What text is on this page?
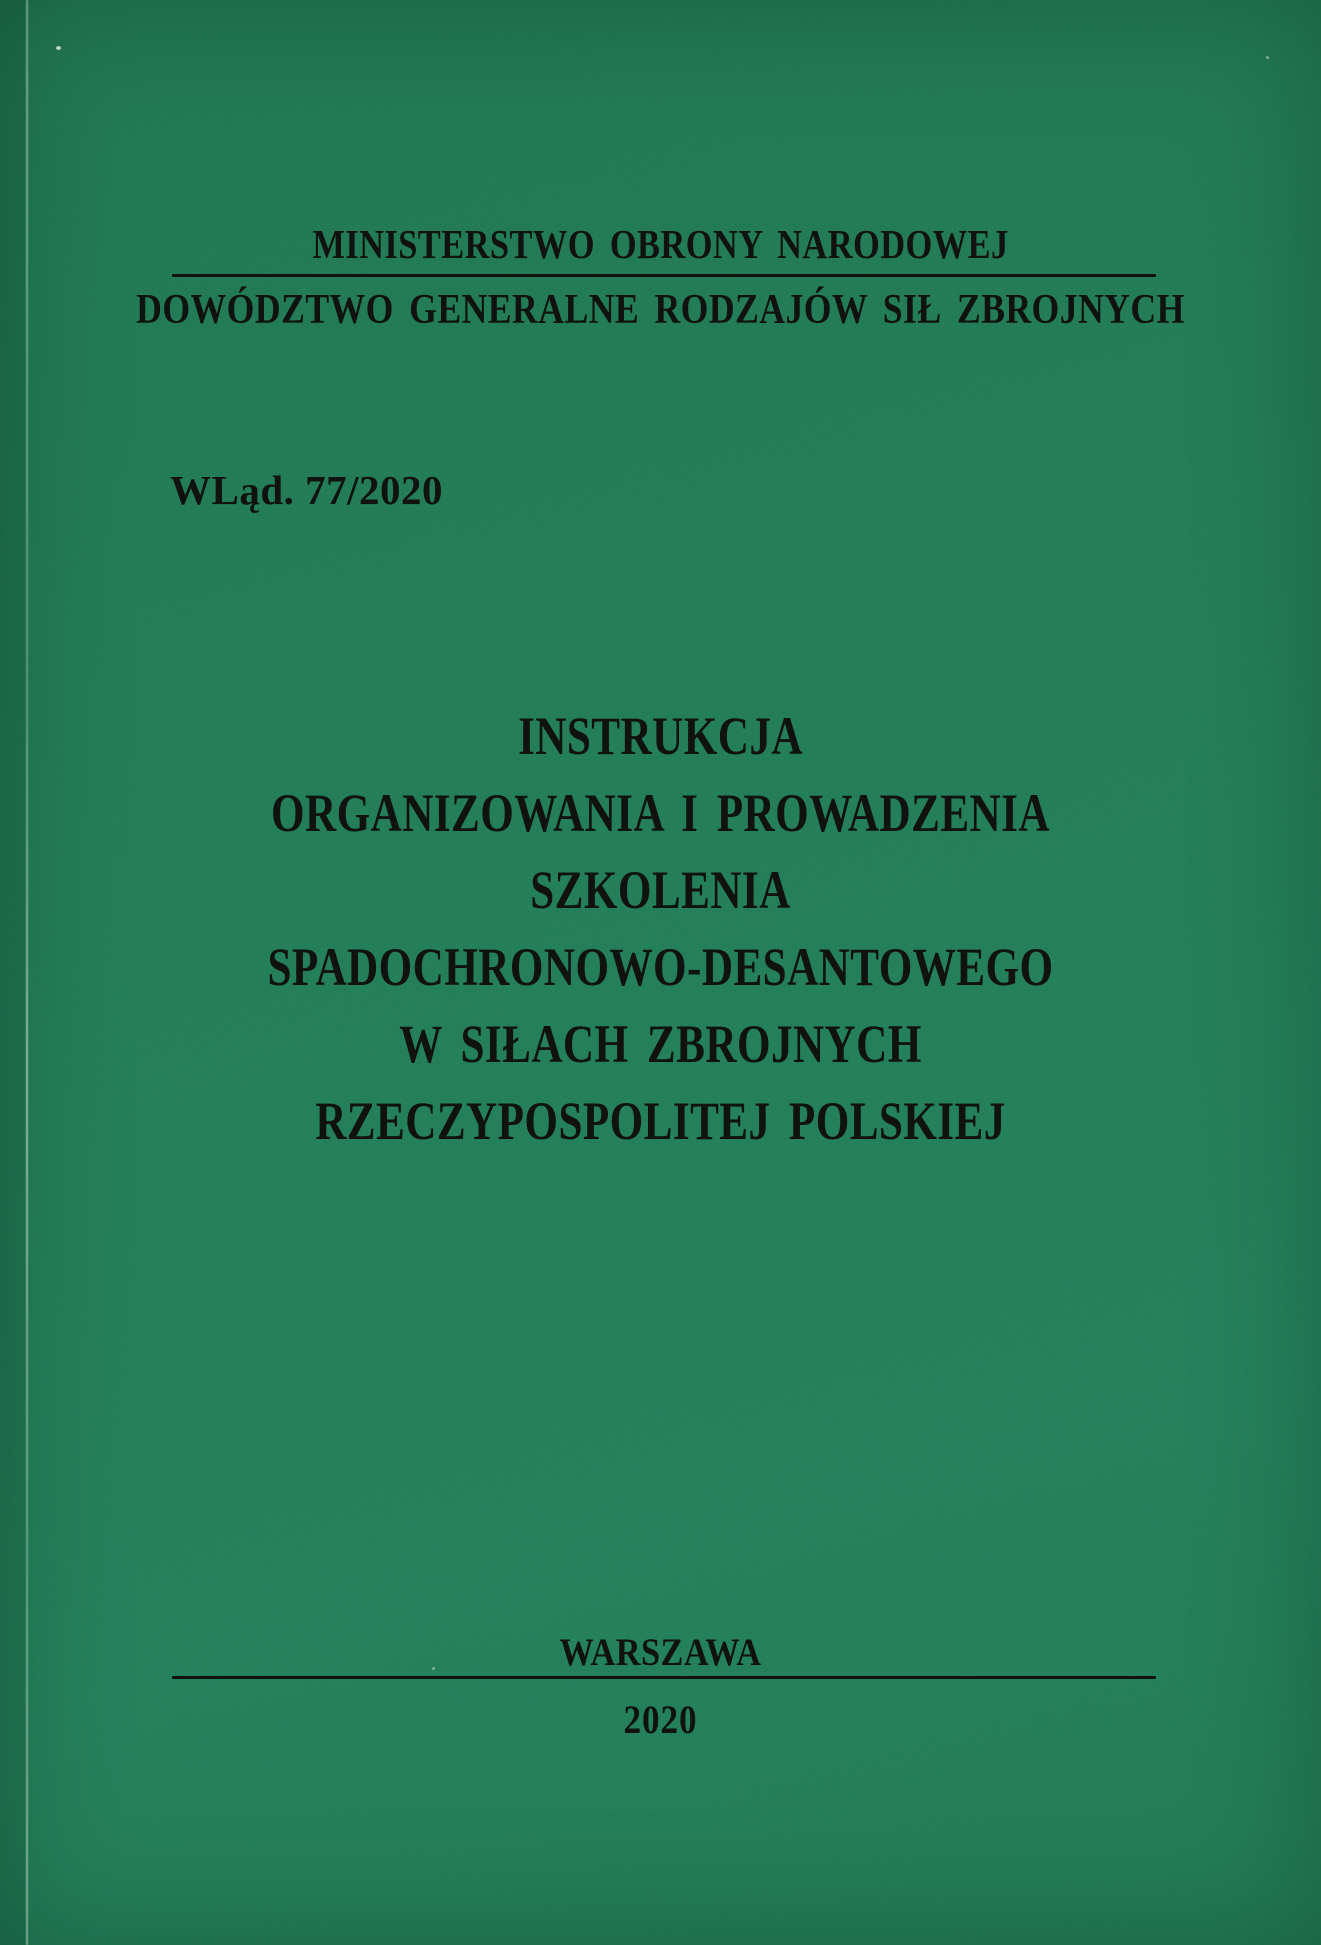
MINISTERSTWO OBRONY NARODOWEJ
DOWÓDZTWO GENERALNE RODZAJÓW SIŁ ZBROJNYCH
WLąd. 77/2020
INSTRUKCJA
ORGANIZOWANIA I PROWADZENIA
SZKOLENIA
SPADOCHRONOWO-DESANTOWEGO
W SIŁACH ZBROJNYCH
RZECZYPOSPOLITEJ POLSKIEJ
WARSZAWA
2020
